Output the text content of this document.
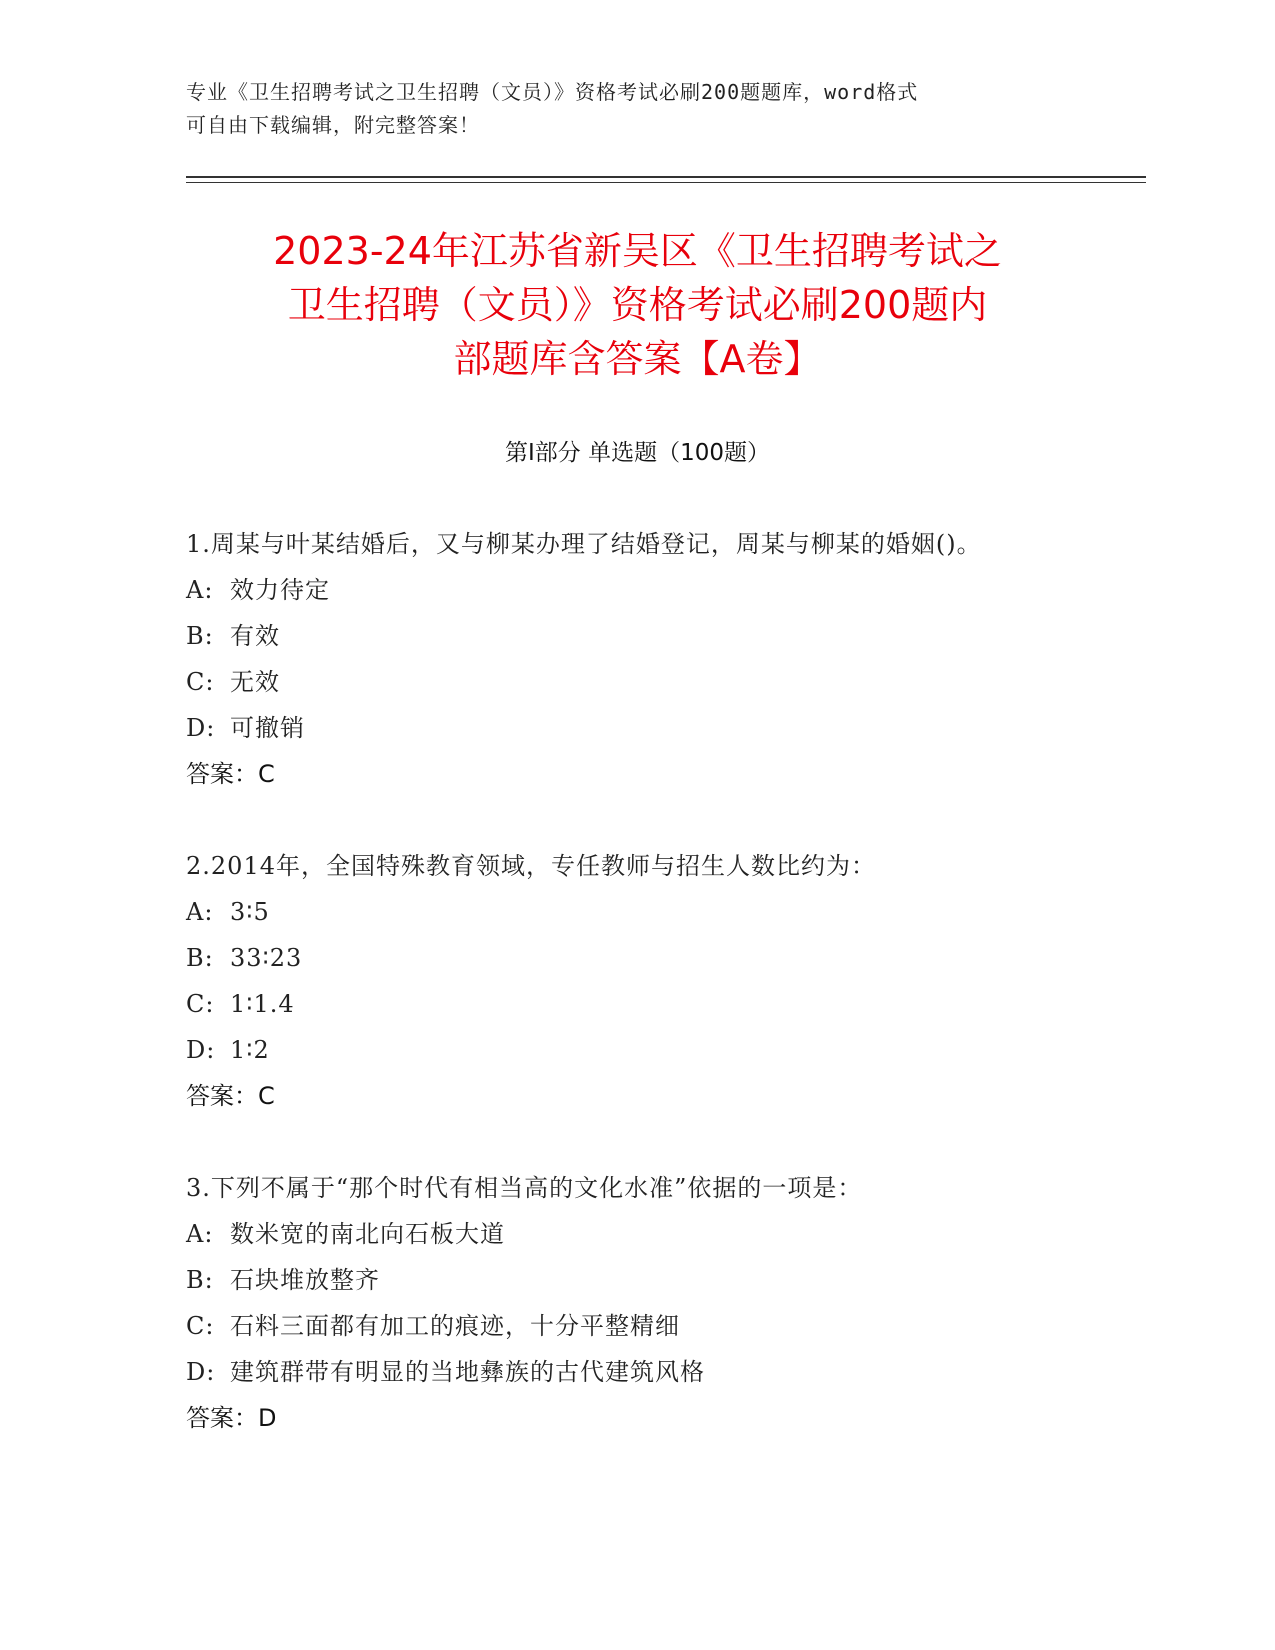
专业《卫生招聘考试之卫生招聘（文员）》资格考试必刷200题题库，word格式
可自由下载编辑，附完整答案！
2023-24年江苏省新吴区《卫生招聘考试之
卫生招聘（文员）》资格考试必刷200题内
部题库含答案【A卷】
第Ⅰ部分 单选题（100题）
1.周某与叶某结婚后，又与柳某办理了结婚登记，周某与柳某的婚姻()。
A: 效力待定
B: 有效
C: 无效
D: 可撤销
答案：C
2.2014年，全国特殊教育领域，专任教师与招生人数比约为：
A: 3∶5
B: 33∶23
C: 1∶1.4
D: 1∶2
答案：C
3.下列不属于“那个时代有相当高的文化水准”依据的一项是：
A: 数米宽的南北向石板大道
B: 石块堆放整齐
C: 石料三面都有加工的痕迹，十分平整精细
D: 建筑群带有明显的当地彝族的古代建筑风格
答案：D
